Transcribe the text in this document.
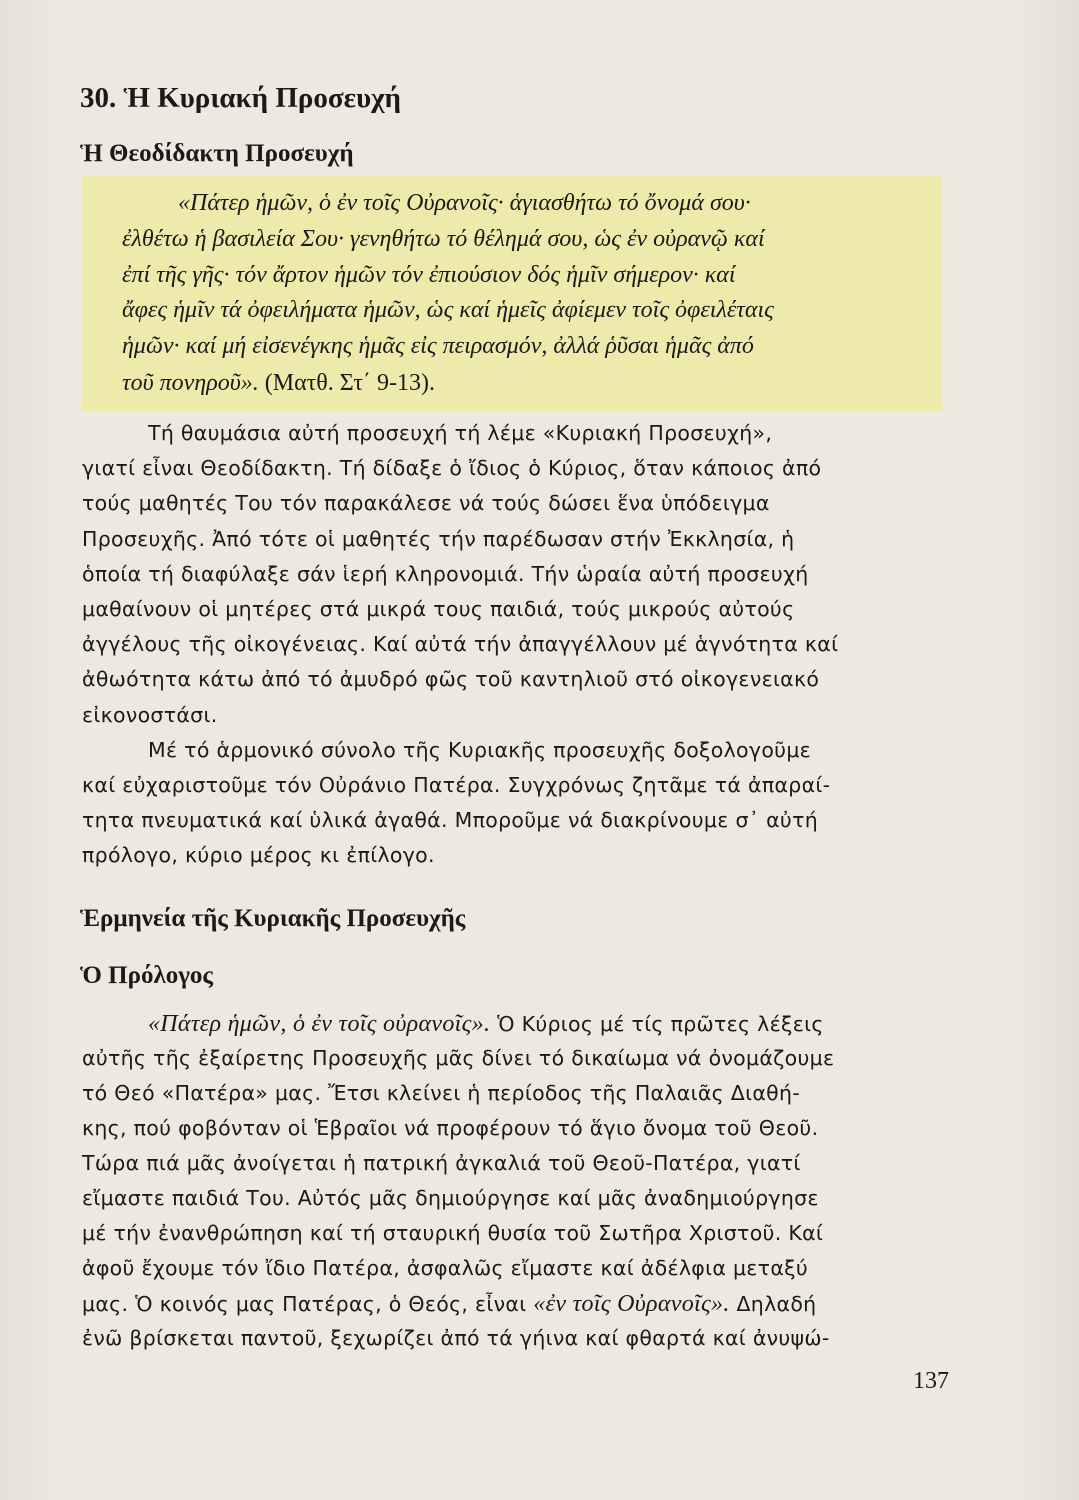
30. Ἡ Κυριακή Προσευχή
Ἡ Θεοδίδακτη Προσευχή
«Πάτερ ἡμῶν, ὁ ἐν τοῖς Οὐρανοῖς· ἁγιασθήτω τό ὄνομά σου·
ἐλθέτω ἡ βασιλεία Σου· γενηθήτω τό θέλημά σου, ὡς ἐν οὐρανῷ καί
ἐπί τῆς γῆς· τόν ἄρτον ἡμῶν τόν ἐπιούσιον δός ἡμῖν σήμερον· καί
ἄφες ἡμῖν τά ὀφειλήματα ἡμῶν, ὡς καί ἡμεῖς ἀφίεμεν τοῖς ὀφειλέταις
ἡμῶν· καί μή εἰσενέγκης ἡμᾶς εἰς πειρασμόν, ἀλλά ῥῦσαι ἡμᾶς ἀπό
τοῦ πονηροῦ». (Ματθ. Στ΄ 9-13).
Τή θαυμάσια αὐτή προσευχή τή λέμε «Κυριακή Προσευχή»,
γιατί εἶναι Θεοδίδακτη. Τή δίδαξε ὁ ἴδιος ὁ Κύριος, ὅταν κάποιος ἀπό
τούς μαθητές Του τόν παρακάλεσε νά τούς δώσει ἕνα ὑπόδειγμα
Προσευχῆς. Ἀπό τότε οἱ μαθητές τήν παρέδωσαν στήν Ἐκκλησία, ἡ
ὁποία τή διαφύλαξε σάν ἱερή κληρονομιά. Τήν ὡραία αὐτή προσευχή
μαθαίνουν οἱ μητέρες στά μικρά τους παιδιά, τούς μικρούς αὐτούς
ἀγγέλους τῆς οἰκογένειας. Καί αὐτά τήν ἀπαγγέλλουν μέ ἁγνότητα καί
ἀθωότητα κάτω ἀπό τό ἀμυδρό φῶς τοῦ καντηλιοῦ στό οἰκογενειακό
εἰκονοστάσι.
Μέ τό ἁρμονικό σύνολο τῆς Κυριακῆς προσευχῆς δοξολογοῦμε
καί εὐχαριστοῦμε τόν Οὐράνιο Πατέρα. Συγχρόνως ζητᾶμε τά ἀπαραί-
τητα πνευματικά καί ὑλικά ἀγαθά. Μποροῦμε νά διακρίνουμε σ᾽ αὐτή
πρόλογο, κύριο μέρος κι ἐπίλογο.
Ἑρμηνεία τῆς Κυριακῆς Προσευχῆς
Ὁ Πρόλογος
«Πάτερ ἡμῶν, ὁ ἐν τοῖς οὐρανοῖς». Ὁ Κύριος μέ τίς πρῶτες λέξεις
αὐτῆς τῆς ἐξαίρετης Προσευχῆς μᾶς δίνει τό δικαίωμα νά ὀνομάζουμε
τό Θεό «Πατέρα» μας. Ἔτσι κλείνει ἡ περίοδος τῆς Παλαιᾶς Διαθή-
κης, πού φοβόνταν οἱ Ἑβραῖοι νά προφέρουν τό ἅγιο ὄνομα τοῦ Θεοῦ.
Τώρα πιά μᾶς ἀνοίγεται ἡ πατρική ἀγκαλιά τοῦ Θεοῦ-Πατέρα, γιατί
εἴμαστε παιδιά Του. Αὐτός μᾶς δημιούργησε καί μᾶς ἀναδημιούργησε
μέ τήν ἐνανθρώπηση καί τή σταυρική θυσία τοῦ Σωτῆρα Χριστοῦ. Καί
ἀφοῦ ἔχουμε τόν ἴδιο Πατέρα, ἀσφαλῶς εἴμαστε καί ἀδέλφια μεταξύ
μας. Ὁ κοινός μας Πατέρας, ὁ Θεός, εἶναι «ἐν τοῖς Οὐρανοῖς». Δηλαδή
ἐνῶ βρίσκεται παντοῦ, ξεχωρίζει ἀπό τά γήινα καί φθαρτά καί ἀνυψώ-
137
